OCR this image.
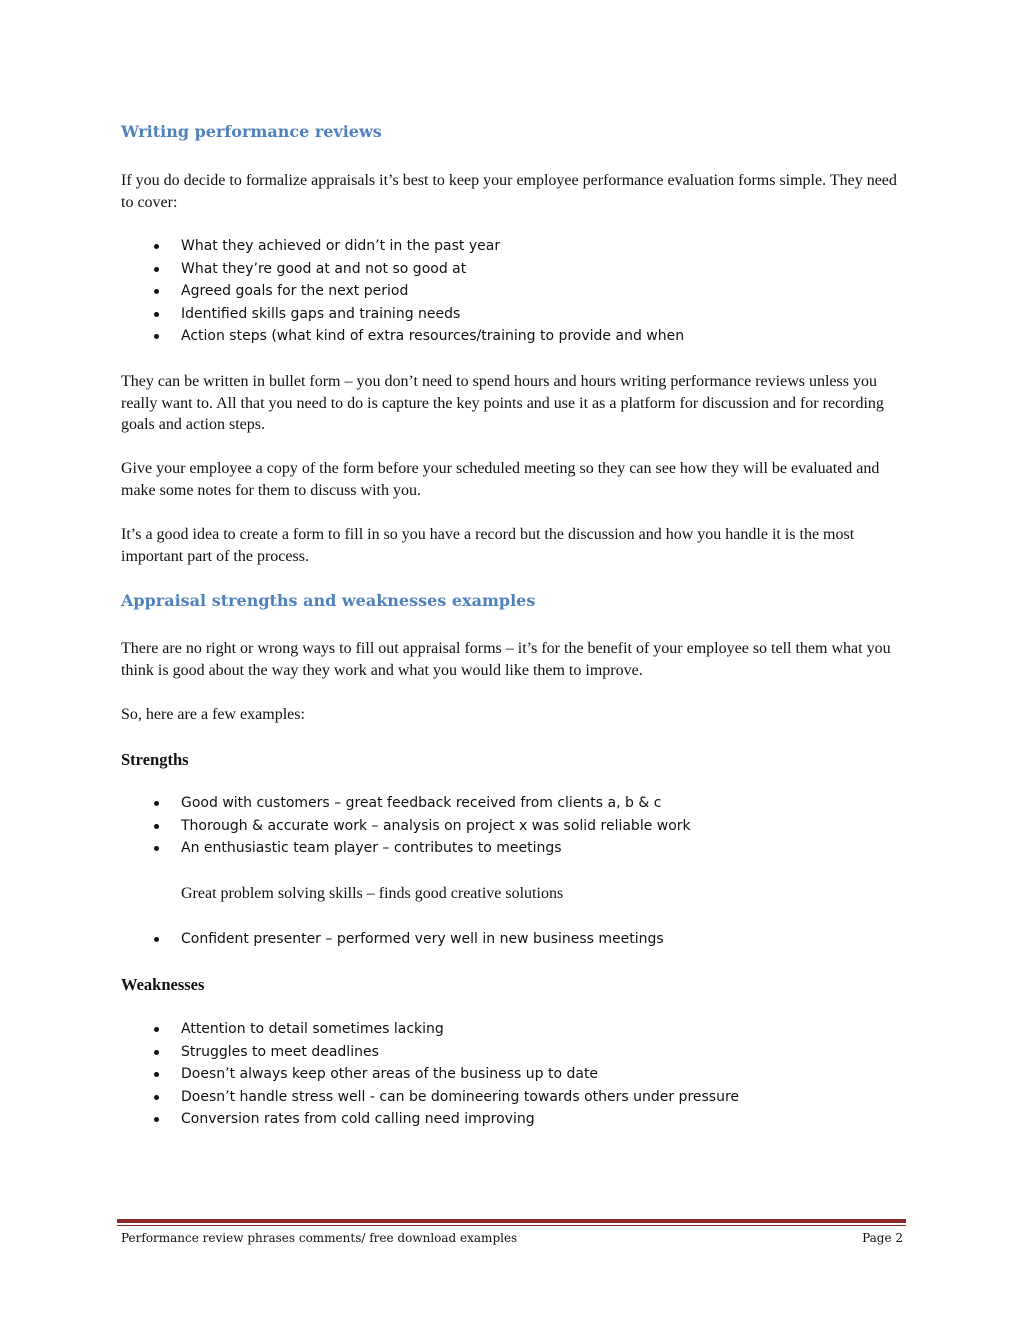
Writing performance reviews

If you do decide to formalize appraisals it’s best to keep your employee performance evaluation forms simple. They need to cover:

What they achieved or didn’t in the past year
What they’re good at and not so good at
Agreed goals for the next period
Identified skills gaps and training needs
Action steps (what kind of extra resources/training to provide and when

They can be written in bullet form – you don’t need to spend hours and hours writing performance reviews unless you really want to. All that you need to do is capture the key points and use it as a platform for discussion and for recording goals and action steps.

Give your employee a copy of the form before your scheduled meeting so they can see how they will be evaluated and make some notes for them to discuss with you.

It’s a good idea to create a form to fill in so you have a record but the discussion and how you handle it is the most important part of the process.

Appraisal strengths and weaknesses examples

There are no right or wrong ways to fill out appraisal forms – it’s for the benefit of your employee so tell them what you think is good about the way they work and what you would like them to improve.

So, here are a few examples:

Strengths
Good with customers – great feedback received from clients a, b & c
Thorough & accurate work – analysis on project x was solid reliable work
An enthusiastic team player – contributes to meetings

Great problem solving skills – finds good creative solutions

Confident presenter – performed very well in new business meetings
Weaknesses
Attention to detail sometimes lacking
Struggles to meet deadlines
Doesn’t always keep other areas of the business up to date
Doesn’t handle stress well - can be domineering towards others under pressure
Conversion rates from cold calling need improving
Performance review phrases comments/ free download examples	Page 2
